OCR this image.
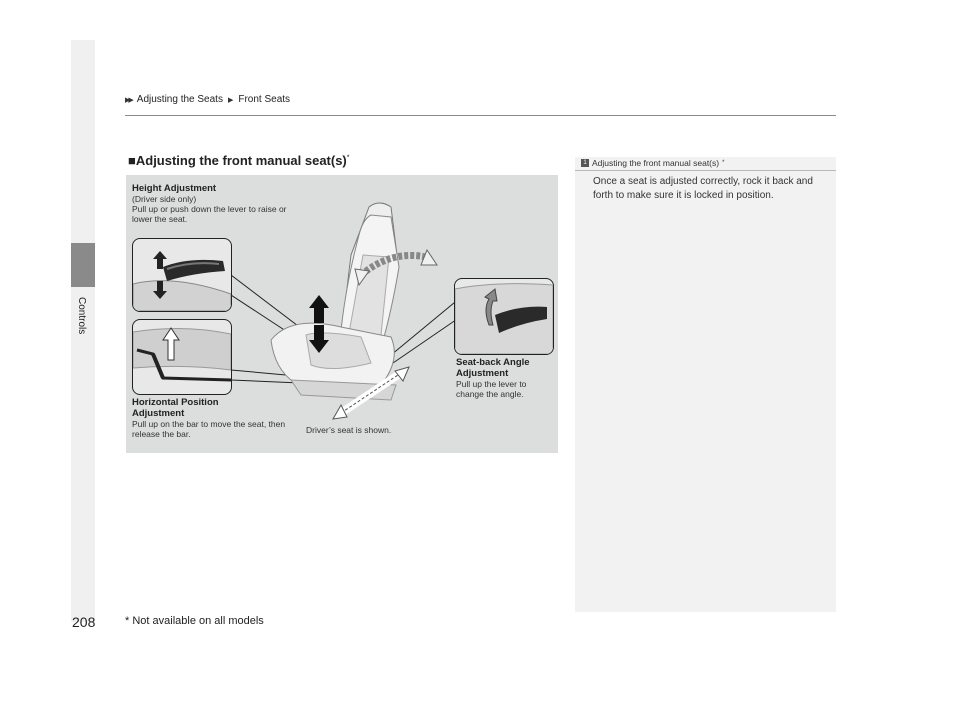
▶▶ Adjusting the Seats ▶ Front Seats
Controls
■Adjusting the front manual seat(s)*
Height Adjustment
(Driver side only)
Pull up or push down the lever to raise or lower the seat.
Horizontal Position
Adjustment
Pull up on the bar to move the seat, then release the bar.
Seat-back Angle
Adjustment
Pull up the lever to change the angle.
Driver’s seat is shown.
1 Adjusting the front manual seat(s) *
Once a seat is adjusted correctly, rock it back and forth to make sure it is locked in position.
208	* Not available on all models
